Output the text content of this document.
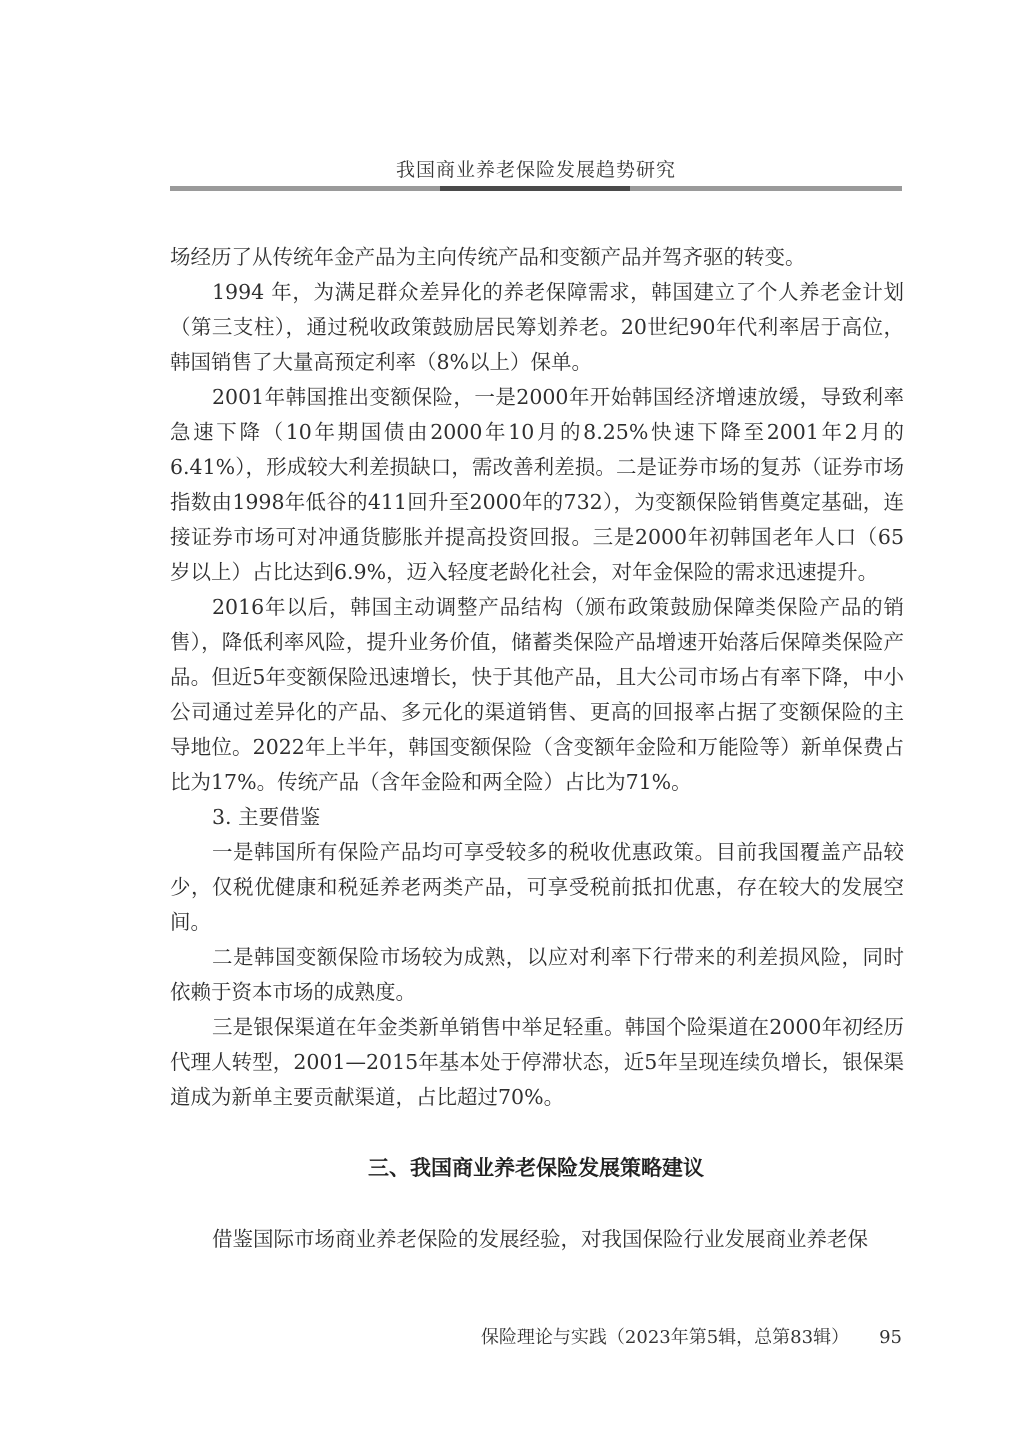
我国商业养老保险发展趋势研究

场经历了从传统年金产品为主向传统产品和变额产品并驾齐驱的转变。

1994 年，为满足群众差异化的养老保障需求，韩国建立了个人养老金计划（第三支柱），通过税收政策鼓励居民筹划养老。20世纪90年代利率居于高位，韩国销售了大量高预定利率（8%以上）保单。

2001年韩国推出变额保险，一是2000年开始韩国经济增速放缓，导致利率急速下降（10年期国债由2000年10月的8.25%快速下降至2001年2月的6.41%），形成较大利差损缺口，需改善利差损。二是证券市场的复苏（证券市场指数由1998年低谷的411回升至2000年的732），为变额保险销售奠定基础，连接证券市场可对冲通货膨胀并提高投资回报。三是2000年初韩国老年人口（65岁以上）占比达到6.9%，迈入轻度老龄化社会，对年金保险的需求迅速提升。

2016年以后，韩国主动调整产品结构（颁布政策鼓励保障类保险产品的销售），降低利率风险，提升业务价值，储蓄类保险产品增速开始落后保障类保险产品。但近5年变额保险迅速增长，快于其他产品，且大公司市场占有率下降，中小公司通过差异化的产品、多元化的渠道销售、更高的回报率占据了变额保险的主导地位。2022年上半年，韩国变额保险（含变额年金险和万能险等）新单保费占比为17%。传统产品（含年金险和两全险）占比为71%。

3. 主要借鉴

一是韩国所有保险产品均可享受较多的税收优惠政策。目前我国覆盖产品较少，仅税优健康和税延养老两类产品，可享受税前抵扣优惠，存在较大的发展空间。

二是韩国变额保险市场较为成熟，以应对利率下行带来的利差损风险，同时依赖于资本市场的成熟度。

三是银保渠道在年金类新单销售中举足轻重。韩国个险渠道在2000年初经历代理人转型，2001—2015年基本处于停滞状态，近5年呈现连续负增长，银保渠道成为新单主要贡献渠道，占比超过70%。

三、我国商业养老保险发展策略建议

借鉴国际市场商业养老保险的发展经验，对我国保险行业发展商业养老保

保险理论与实践（2023年第5辑，总第83辑） 95
